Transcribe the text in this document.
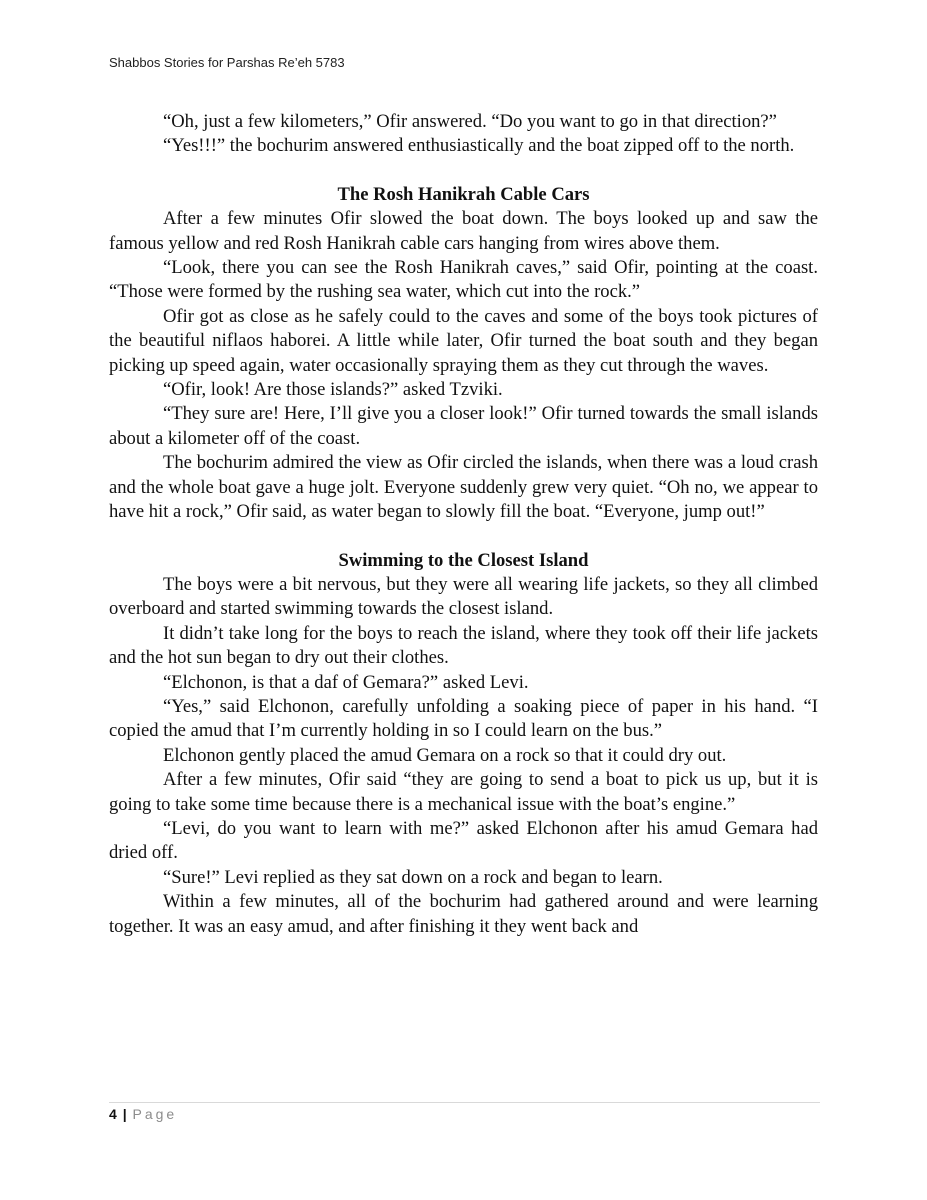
Shabbos Stories for Parshas Re’eh 5783

“Oh, just a few kilometers,” Ofir answered. “Do you want to go in that direction?”

“Yes!!!” the bochurim answered enthusiastically and the boat zipped off to the north.

The Rosh Hanikrah Cable Cars

After a few minutes Ofir slowed the boat down. The boys looked up and saw the famous yellow and red Rosh Hanikrah cable cars hanging from wires above them.

“Look, there you can see the Rosh Hanikrah caves,” said Ofir, pointing at the coast. “Those were formed by the rushing sea water, which cut into the rock.”

Ofir got as close as he safely could to the caves and some of the boys took pictures of the beautiful niflaos haborei. A little while later, Ofir turned the boat south and they began picking up speed again, water occasionally spraying them as they cut through the waves.

“Ofir, look! Are those islands?” asked Tzviki.

“They sure are! Here, I’ll give you a closer look!” Ofir turned towards the small islands about a kilometer off of the coast.

The bochurim admired the view as Ofir circled the islands, when there was a loud crash and the whole boat gave a huge jolt. Everyone suddenly grew very quiet. “Oh no, we appear to have hit a rock,” Ofir said, as water began to slowly fill the boat. “Everyone, jump out!”

Swimming to the Closest Island

The boys were a bit nervous, but they were all wearing life jackets, so they all climbed overboard and started swimming towards the closest island.

It didn’t take long for the boys to reach the island, where they took off their life jackets and the hot sun began to dry out their clothes.

“Elchonon, is that a daf of Gemara?” asked Levi.

“Yes,” said Elchonon, carefully unfolding a soaking piece of paper in his hand. “I copied the amud that I’m currently holding in so I could learn on the bus.”

Elchonon gently placed the amud Gemara on a rock so that it could dry out.

After a few minutes, Ofir said “they are going to send a boat to pick us up, but it is going to take some time because there is a mechanical issue with the boat’s engine.”

“Levi, do you want to learn with me?” asked Elchonon after his amud Gemara had dried off.

“Sure!” Levi replied as they sat down on a rock and began to learn.

Within a few minutes, all of the bochurim had gathered around and were learning together. It was an easy amud, and after finishing it they went back and

4 | Page
